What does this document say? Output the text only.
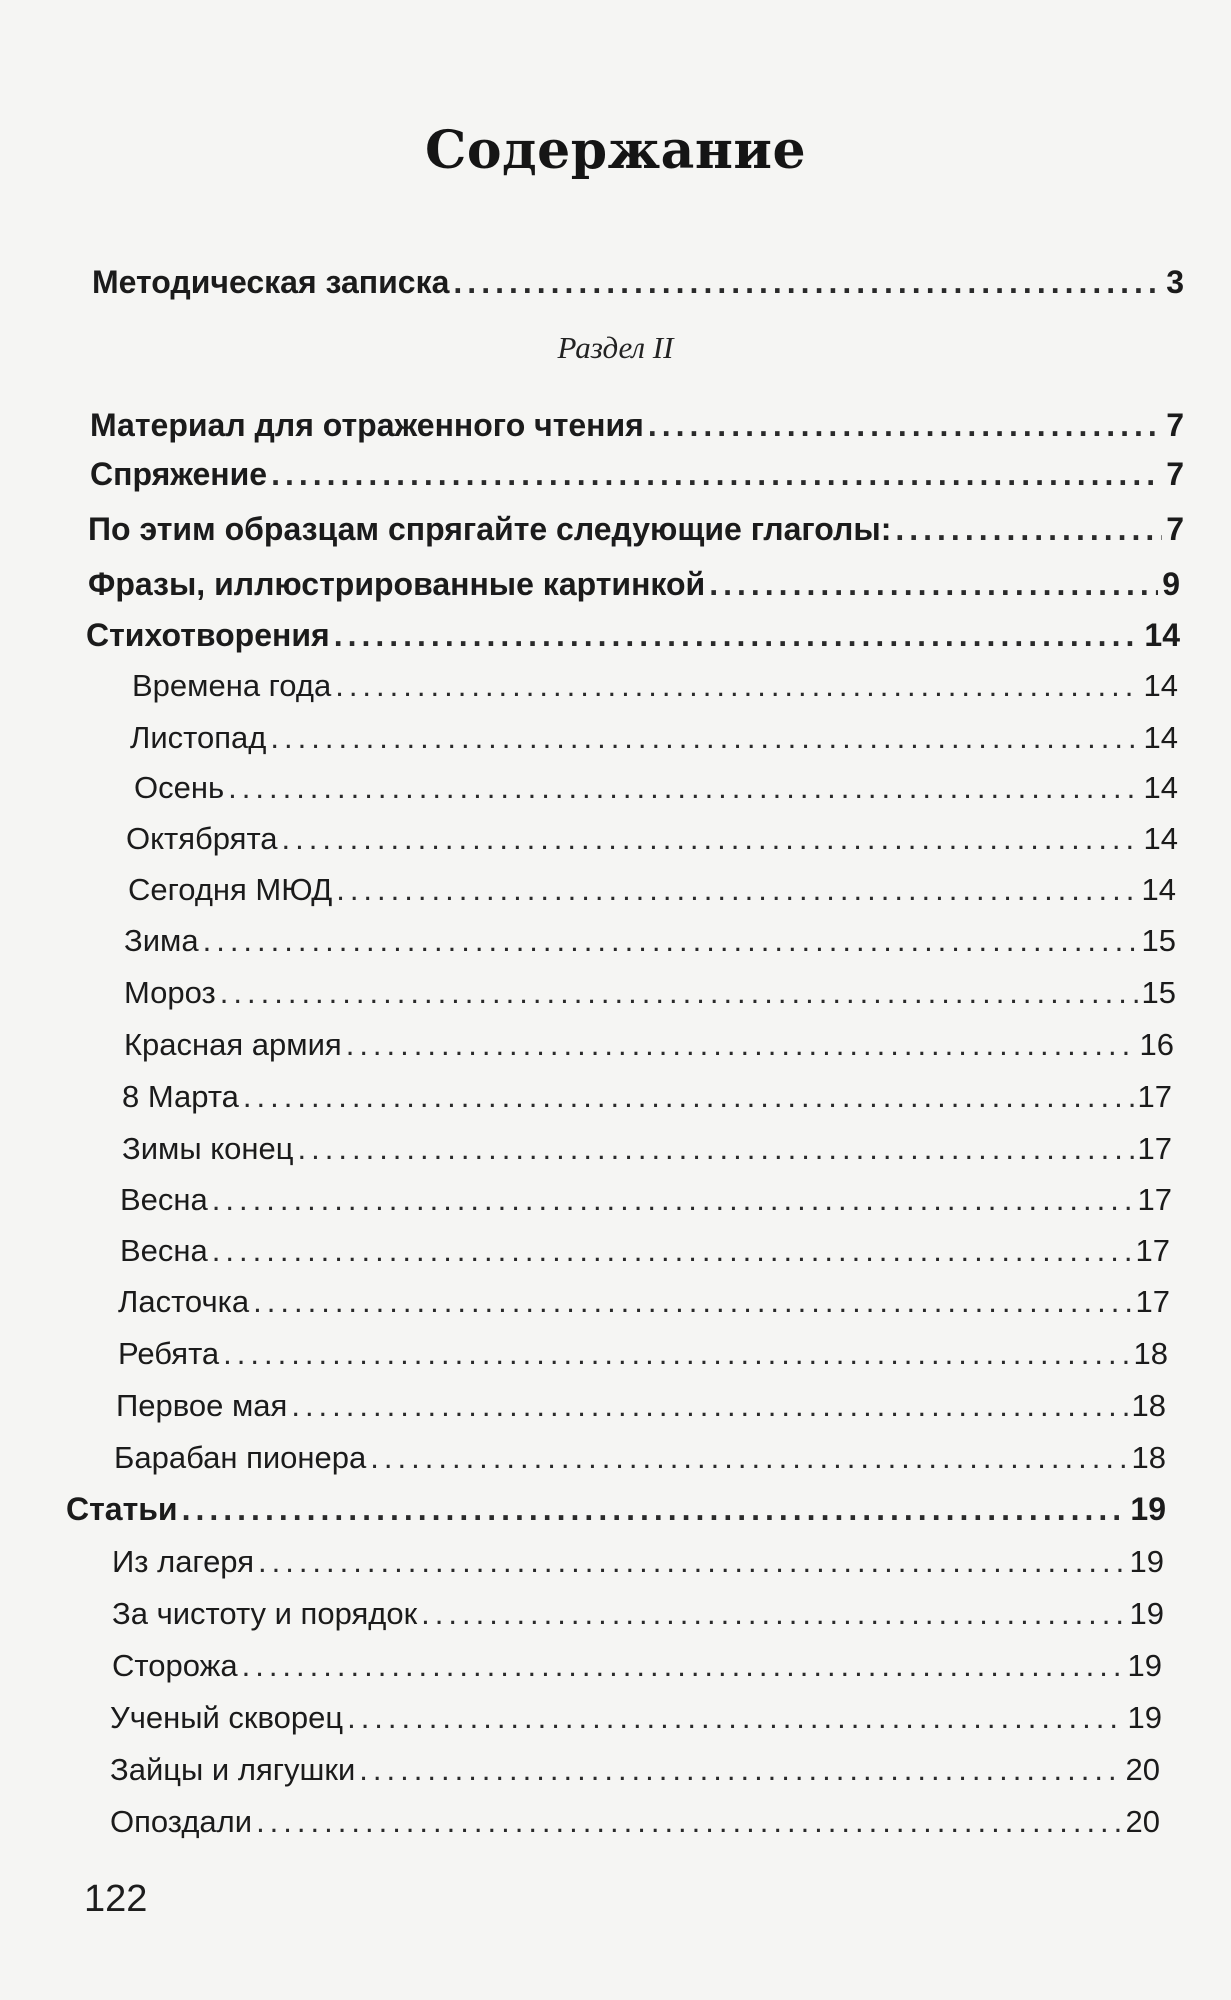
Содержание
Раздел II
Методическая записка .....	3
Материал для отраженного чтения .....	7
Спряжение .....	7
По этим образцам спрягайте следующие глаголы: .....	7
Фразы, иллюстрированные картинкой .....	9
Стихотворения .....	14
Времена года .....	14
Листопад .....	14
Осень .....	14
Октябрята .....	14
Сегодня МЮД .....	14
Зима .....	15
Мороз .....	15
Красная армия .....	16
8 Марта .....	17
Зимы конец .....	17
Весна .....	17
Весна .....	17
Ласточка .....	17
Ребята .....	18
Первое мая .....	18
Барабан пионера .....	18
Статьи .....	19
Из лагеря .....	19
За чистоту и порядок .....	19
Сторожа .....	19
Ученый скворец .....	19
Зайцы и лягушки .....	20
Опоздали .....	20
122
